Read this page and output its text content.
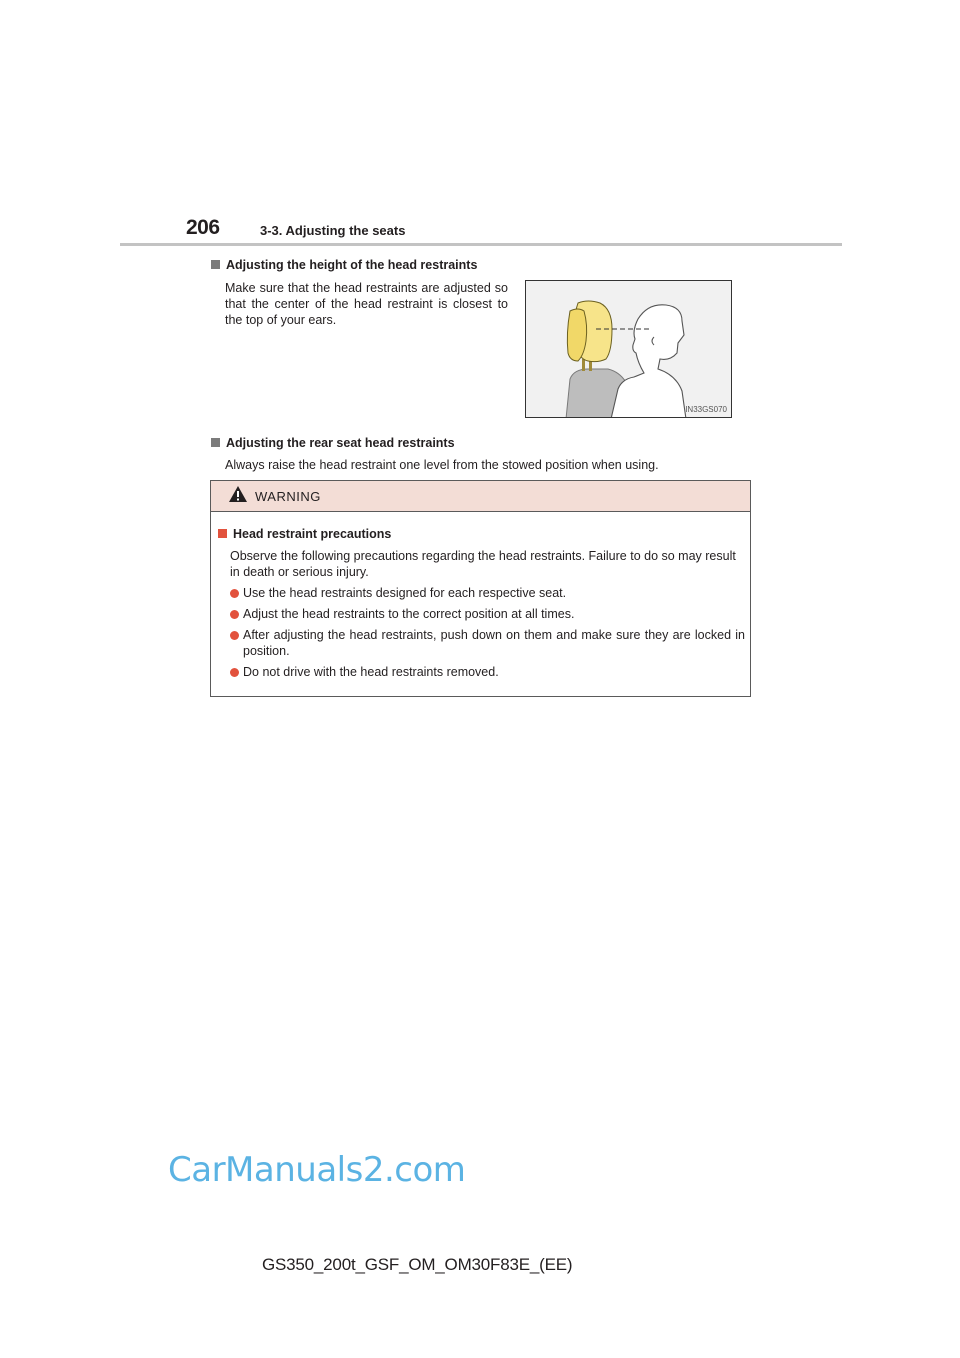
206	3-3. Adjusting the seats
Adjusting the height of the head restraints
Make sure that the head restraints are adjusted so that the center of the head restraint is closest to the top of your ears.
IN33GS070
Adjusting the rear seat head restraints
Always raise the head restraint one level from the stowed position when using.
WARNING
Head restraint precautions
Observe the following precautions regarding the head restraints. Failure to do so may result in death or serious injury.
Use the head restraints designed for each respective seat.
Adjust the head restraints to the correct position at all times.
After adjusting the head restraints, push down on them and make sure they are locked in position.
Do not drive with the head restraints removed.
CarManuals2.com
GS350_200t_GSF_OM_OM30F83E_(EE)
